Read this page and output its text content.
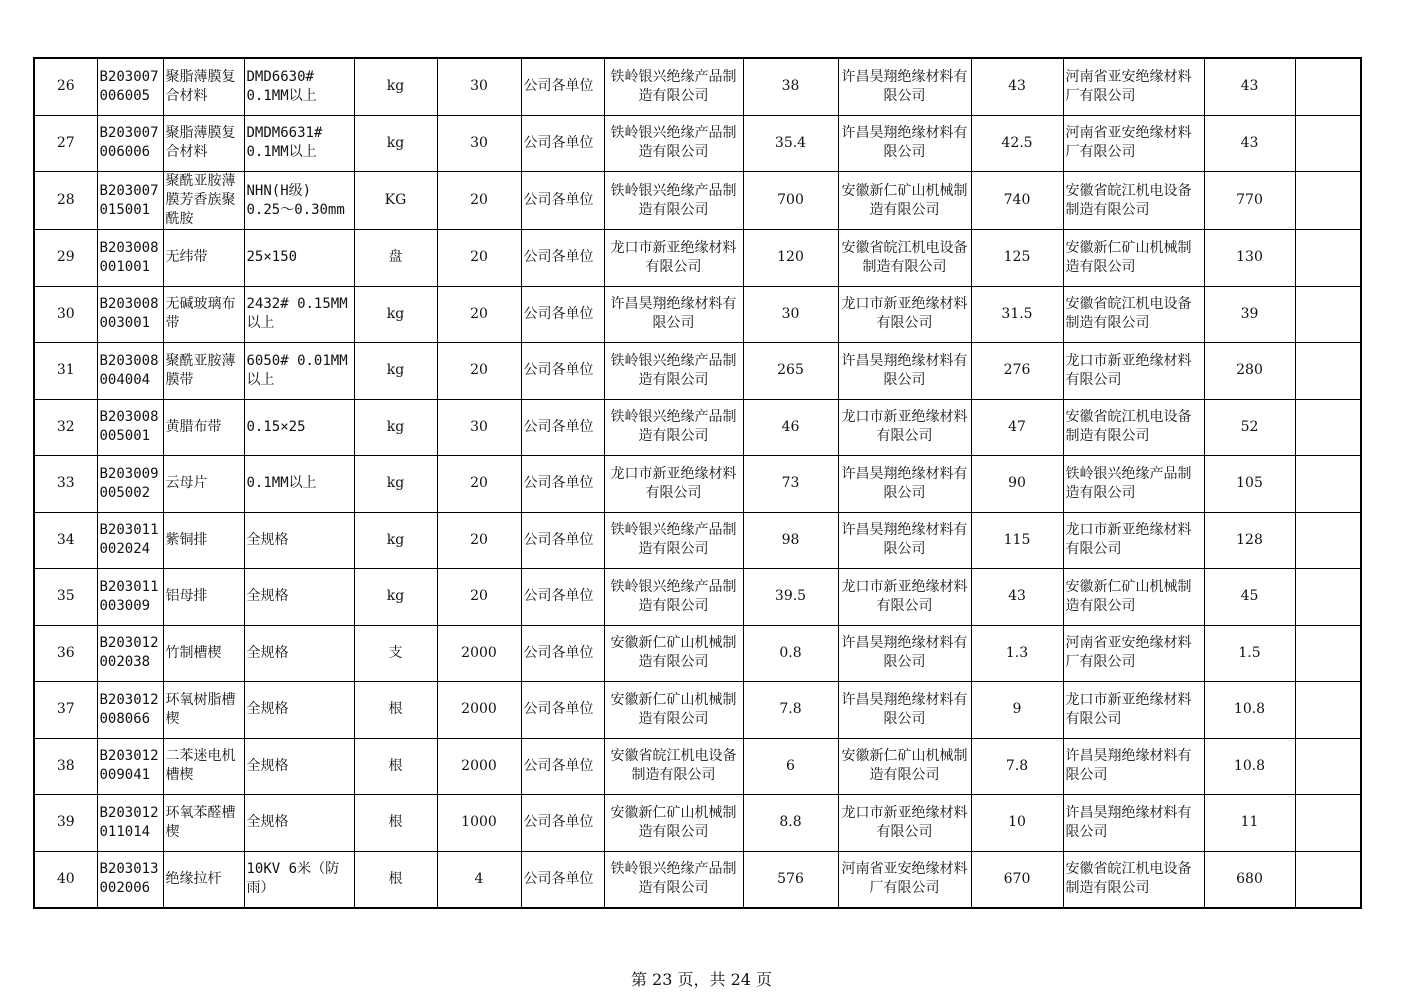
26	B203007 006005	聚脂薄膜复合材料	DMD6630# 0.1MM以上	kg	30	公司各单位	铁岭银兴绝缘产品制造有限公司	38	许昌昊翔绝缘材料有限公司	43	河南省亚安绝缘材料厂有限公司	43	
27	B203007 006006	聚脂薄膜复合材料	DMDM6631# 0.1MM以上	kg	30	公司各单位	铁岭银兴绝缘产品制造有限公司	35.4	许昌昊翔绝缘材料有限公司	42.5	河南省亚安绝缘材料厂有限公司	43	
28	B203007 015001	聚酰亚胺薄膜芳香族聚酰胺	NHN(H级) 0.25～0.30mm	KG	20	公司各单位	铁岭银兴绝缘产品制造有限公司	700	安徽新仁矿山机械制造有限公司	740	安徽省皖江机电设备制造有限公司	770	
29	B203008 001001	无纬带	25×150	盘	20	公司各单位	龙口市新亚绝缘材料有限公司	120	安徽省皖江机电设备制造有限公司	125	安徽新仁矿山机械制造有限公司	130	
30	B203008 003001	无碱玻璃布带	2432# 0.15MM以上	kg	20	公司各单位	许昌昊翔绝缘材料有限公司	30	龙口市新亚绝缘材料有限公司	31.5	安徽省皖江机电设备制造有限公司	39	
31	B203008 004004	聚酰亚胺薄膜带	6050# 0.01MM以上	kg	20	公司各单位	铁岭银兴绝缘产品制造有限公司	265	许昌昊翔绝缘材料有限公司	276	龙口市新亚绝缘材料有限公司	280	
32	B203008 005001	黄腊布带	0.15×25	kg	30	公司各单位	铁岭银兴绝缘产品制造有限公司	46	龙口市新亚绝缘材料有限公司	47	安徽省皖江机电设备制造有限公司	52	
33	B203009 005002	云母片	0.1MM以上	kg	20	公司各单位	龙口市新亚绝缘材料有限公司	73	许昌昊翔绝缘材料有限公司	90	铁岭银兴绝缘产品制造有限公司	105	
34	B203011 002024	紫铜排	全规格	kg	20	公司各单位	铁岭银兴绝缘产品制造有限公司	98	许昌昊翔绝缘材料有限公司	115	龙口市新亚绝缘材料有限公司	128	
35	B203011 003009	铝母排	全规格	kg	20	公司各单位	铁岭银兴绝缘产品制造有限公司	39.5	龙口市新亚绝缘材料有限公司	43	安徽新仁矿山机械制造有限公司	45	
36	B203012 002038	竹制槽楔	全规格	支	2000	公司各单位	安徽新仁矿山机械制造有限公司	0.8	许昌昊翔绝缘材料有限公司	1.3	河南省亚安绝缘材料厂有限公司	1.5	
37	B203012 008066	环氧树脂槽楔	全规格	根	2000	公司各单位	安徽新仁矿山机械制造有限公司	7.8	许昌昊翔绝缘材料有限公司	9	龙口市新亚绝缘材料有限公司	10.8	
38	B203012 009041	二苯迷电机槽楔	全规格	根	2000	公司各单位	安徽省皖江机电设备制造有限公司	6	安徽新仁矿山机械制造有限公司	7.8	许昌昊翔绝缘材料有限公司	10.8	
39	B203012 011014	环氧苯醛槽楔	全规格	根	1000	公司各单位	安徽新仁矿山机械制造有限公司	8.8	龙口市新亚绝缘材料有限公司	10	许昌昊翔绝缘材料有限公司	11	
40	B203013 002006	绝缘拉杆	10KV 6米（防雨）	根	4	公司各单位	铁岭银兴绝缘产品制造有限公司	576	河南省亚安绝缘材料厂有限公司	670	安徽省皖江机电设备制造有限公司	680	
第 23 页，共 24 页
